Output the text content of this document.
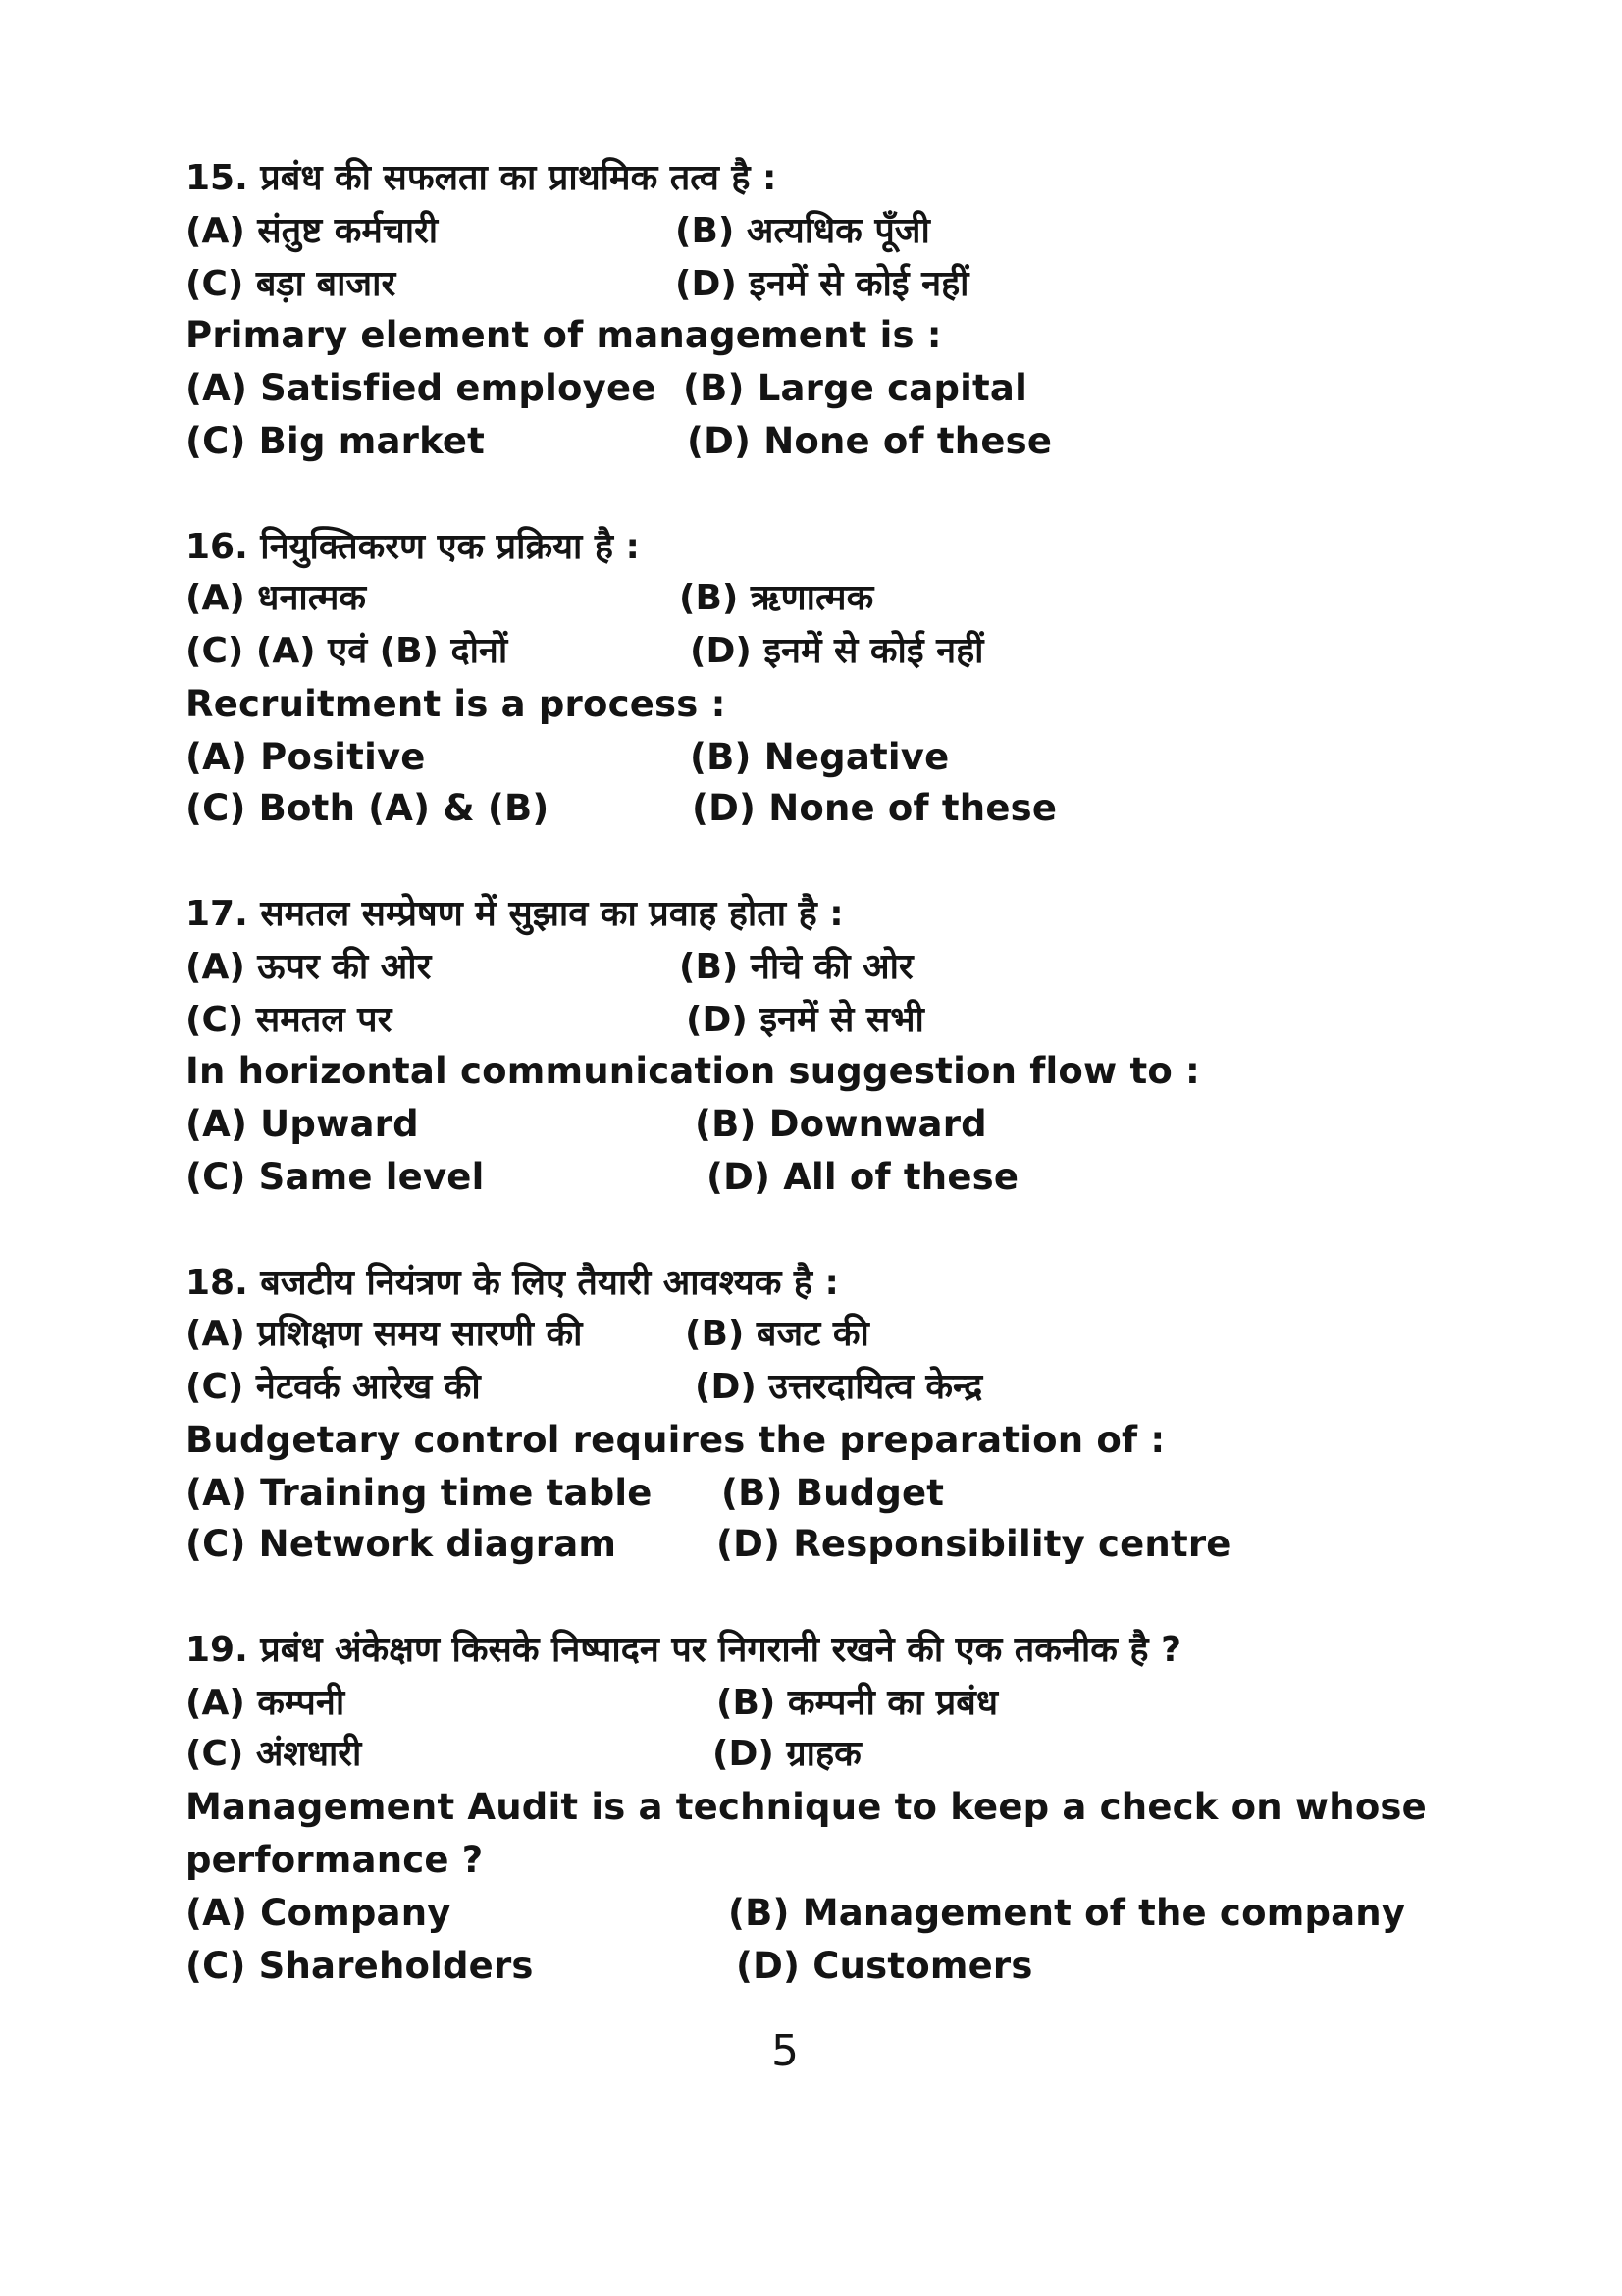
15. प्रबंध की सफलता का प्राथमिक तत्व है :
(A) संतुष्ट कर्मचारी	(B) अत्यधिक पूँजी
(C) बड़ा बाजार	(D) इनमें से कोई नहीं
Primary element of management is :
(A) Satisfied employee (B) Large capital
(C) Big market	(D) None of these
16. नियुक्तिकरण एक प्रक्रिया है :
(A) धनात्मक	(B) ऋणात्मक
(C) (A) एवं (B) दोनों	(D) इनमें से कोई नहीं
Recruitment is a process :
(A) Positive	(B) Negative
(C) Both (A) & (B)	(D) None of these
17. समतल सम्प्रेषण में सुझाव का प्रवाह होता है :
(A) ऊपर की ओर	(B) नीचे की ओर
(C) समतल पर	(D) इनमें से सभी
In horizontal communication suggestion flow to :
(A) Upward	(B) Downward
(C) Same level	(D) All of these
18. बजटीय नियंत्रण के लिए तैयारी आवश्यक है :
(A) प्रशिक्षण समय सारणी की	(B) बजट की
(C) नेटवर्क आरेख की	(D) उत्तरदायित्व केन्द्र
Budgetary control requires the preparation of :
(A) Training time table (B) Budget
(C) Network diagram	(D) Responsibility centre
19. प्रबंध अंकेक्षण किसके निष्पादन पर निगरानी रखने की एक तकनीक है ?
(A) कम्पनी	(B) कम्पनी का प्रबंध
(C) अंशधारी	(D) ग्राहक
Management Audit is a technique to keep a check on whose
performance ?
(A) Company	(B) Management of the company
(C) Shareholders	(D) Customers
5
